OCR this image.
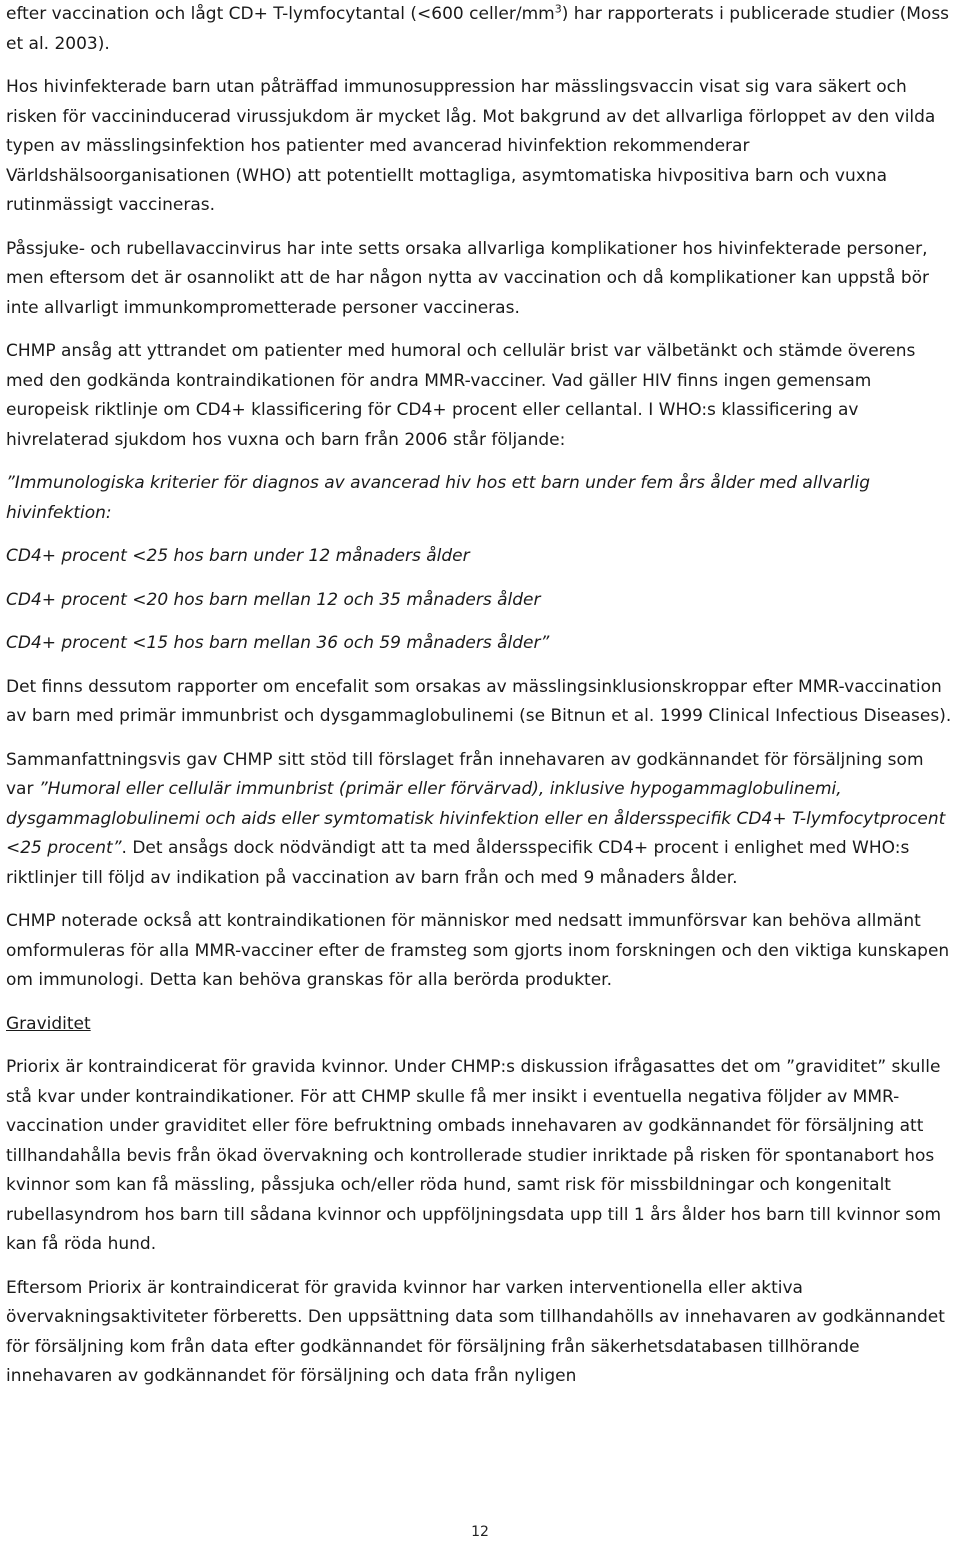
efter vaccination och lågt CD+ T-lymfocytantal (<600 celler/$mm^3$) har rapporterats i publicerade studier (Moss et al. 2003).

Hos hivinfekterade barn utan påträffad immunosuppression har mässlingsvaccin visat sig vara säkert och risken för vaccininducerad virussjukdom är mycket låg. Mot bakgrund av det allvarliga förloppet av den vilda typen av mässlingsinfektion hos patienter med avancerad hivinfektion rekommenderar Världshälsoorganisationen (WHO) att potentiellt mottagliga, asymtomatiska hivpositiva barn och vuxna rutinmässigt vaccineras.

Påssjuke- och rubellavaccinvirus har inte setts orsaka allvarliga komplikationer hos hivinfekterade personer, men eftersom det är osannolikt att de har någon nytta av vaccination och då komplikationer kan uppstå bör inte allvarligt immunkomprometterade personer vaccineras.

CHMP ansåg att yttrandet om patienter med humoral och cellulär brist var välbetänkt och stämde överens med den godkända kontraindikationen för andra MMR-vacciner. Vad gäller HIV finns ingen gemensam europeisk riktlinje om CD4+ klassificering för CD4+ procent eller cellantal. I WHO:s klassificering av hivrelaterad sjukdom hos vuxna och barn från 2006 står följande:

”Immunologiska kriterier för diagnos av avancerad hiv hos ett barn under fem års ålder med allvarlig hivinfektion:

CD4+ procent <25 hos barn under 12 månaders ålder

CD4+ procent <20 hos barn mellan 12 och 35 månaders ålder

CD4+ procent <15 hos barn mellan 36 och 59 månaders ålder”

Det finns dessutom rapporter om encefalit som orsakas av mässlingsinklusionskroppar efter MMR-vaccination av barn med primär immunbrist och dysgammaglobulinemi (se Bitnun et al. 1999 Clinical Infectious Diseases).

Sammanfattningsvis gav CHMP sitt stöd till förslaget från innehavaren av godkännandet för försäljning som var ”Humoral eller cellulär immunbrist (primär eller förvärvad), inklusive hypogammaglobulinemi, dysgammaglobulinemi och aids eller symtomatisk hivinfektion eller en åldersspecifik CD4+ T-lymfocytprocent <25 procent”. Det ansågs dock nödvändigt att ta med åldersspecifik CD4+ procent i enlighet med WHO:s riktlinjer till följd av indikation på vaccination av barn från och med 9 månaders ålder.

CHMP noterade också att kontraindikationen för människor med nedsatt immunförsvar kan behöva allmänt omformuleras för alla MMR-vacciner efter de framsteg som gjorts inom forskningen och den viktiga kunskapen om immunologi. Detta kan behöva granskas för alla berörda produkter.

Graviditet

Priorix är kontraindicerat för gravida kvinnor. Under CHMP:s diskussion ifrågasattes det om ”graviditet” skulle stå kvar under kontraindikationer. För att CHMP skulle få mer insikt i eventuella negativa följder av MMR-vaccination under graviditet eller före befruktning ombads innehavaren av godkännandet för försäljning att tillhandahålla bevis från ökad övervakning och kontrollerade studier inriktade på risken för spontanabort hos kvinnor som kan få mässling, påssjuka och/eller röda hund, samt risk för missbildningar och kongenitalt rubellasyndrom hos barn till sådana kvinnor och uppföljningsdata upp till 1 års ålder hos barn till kvinnor som kan få röda hund.

Eftersom Priorix är kontraindicerat för gravida kvinnor har varken interventionella eller aktiva övervakningsaktiviteter förberetts. Den uppsättning data som tillhandahölls av innehavaren av godkännandet för försäljning kom från data efter godkännandet för försäljning från säkerhetsdatabasen tillhörande innehavaren av godkännandet för försäljning och data från nyligen

12
